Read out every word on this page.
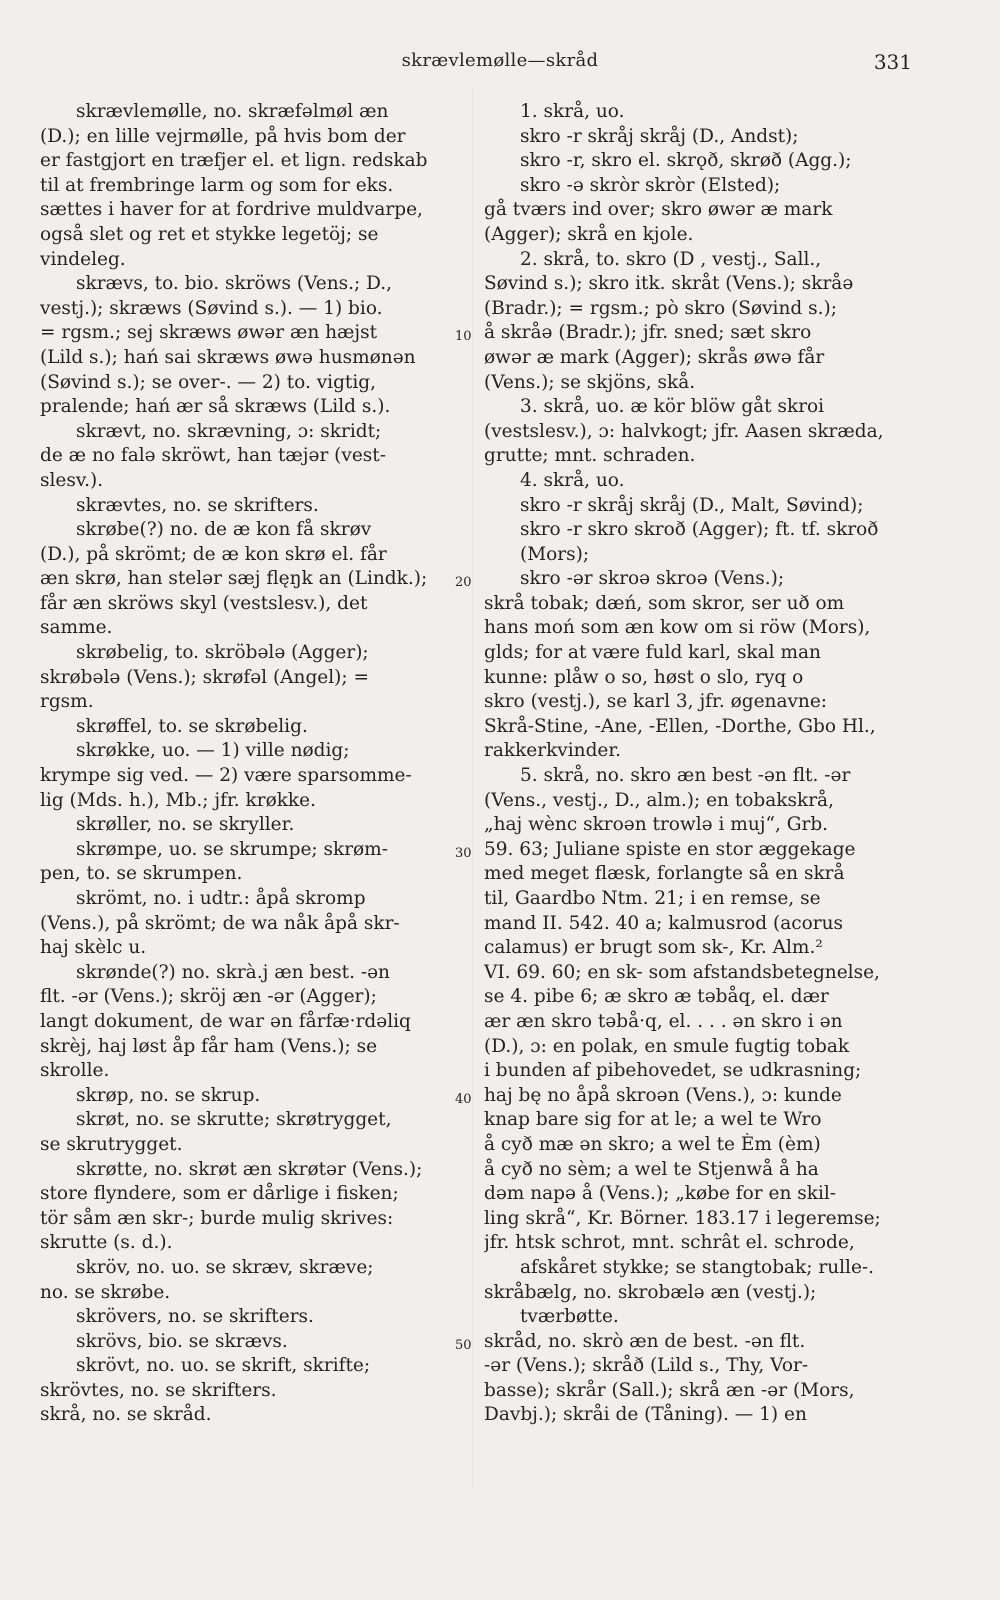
skrævlemølle—skråd	331
skrævlemølle, no. skræfəlmøl æn
(D.); en lille vejrmølle, på hvis bom der
er fastgjort en træfjer el. et lign. redskab
til at frembringe larm og som for eks.
sættes i haver for at fordrive muldvarpe,
også slet og ret et stykke legetöj; se
vindeleg.
skrævs, to. bio. skröws (Vens.; D.,
vestj.); skræws (Søvind s.). — 1) bio.
= rgsm.; sej skræws øwər æn hæjst
(Lild s.); hań sai skræws øwə husmønən
(Søvind s.); se over-. — 2) to. vigtig,
pralende; hań ær så skræws (Lild s.).
skrævt, no. skrævning, ɔ: skridt;
de æ no falə skröwt, han tæjər (vest-
slesv.).
skrævtes, no. se skrifters.
skrøbe(?) no. de æ kon få skrøv
(D.), på skrömt; de æ kon skrø el. får
æn skrø, han stelər sæj flęŋk an (Lindk.);
får æn skröws skyl (vestslesv.), det
samme.
skrøbelig, to. skröbələ (Agger);
skrøbələ (Vens.); skrøfəl (Angel); =
rgsm.
skrøffel, to. se skrøbelig.
skrøkke, uo. — 1) ville nødig;
krympe sig ved. — 2) være sparsomme-
lig (Mds. h.), Mb.; jfr. krøkke.
skrøller, no. se skryller.
skrømpe, uo. se skrumpe; skrøm-
pen, to. se skrumpen.
skrömt, no. i udtr.: åpå skromp
(Vens.), på skrömt; de wa nåk åpå skr-
haj skèlc u.
skrønde(?) no. skrà.j æn best. -ən
flt. -ər (Vens.); skröj æn -ər (Agger);
langt dokument, de war ən fårfæ·rdəliq
skrèj, haj løst åp får ham (Vens.); se
skrolle.
skrøp, no. se skrup.
skrøt, no. se skrutte; skrøtrygget,
se skrutrygget.
skrøtte, no. skrøt æn skrøtər (Vens.);
store flyndere, som er dårlige i fisken;
tör såm æn skr-; burde mulig skrives:
skrutte (s. d.).
skröv, no. uo. se skræv, skræve;
no. se skrøbe.
skrövers, no. se skrifters.
skrövs, bio. se skrævs.
skrövt, no. uo. se skrift, skrifte;
skrövtes, no. se skrifters.
skrå, no. se skråd.
10
20
30
40
50
1. skrå, uo.
skro -r skråj skråj (D., Andst);
skro -r, skro el. skrǫð, skrøð (Agg.);
skro -ə skròr skròr (Elsted);
gå tværs ind over; skro øwər æ mark
(Agger); skrå en kjole.
2. skrå, to. skro (D , vestj., Sall.,
Søvind s.); skro itk. skråt (Vens.); skråə
(Bradr.); = rgsm.; pò skro (Søvind s.);
å skråə (Bradr.); jfr. sned; sæt skro
øwər æ mark (Agger); skrås øwə får
(Vens.); se skjöns, skå.
3. skrå, uo. æ kör blöw gåt skroi
(vestslesv.), ɔ: halvkogt; jfr. Aasen skræda,
grutte; mnt. schraden.
4. skrå, uo.
skro -r skråj skråj (D., Malt, Søvind);
skro -r skro skroð (Agger); ft. tf. skroð
(Mors);
skro -ər skroə skroə (Vens.);
skrå tobak; dæń, som skror, ser uð om
hans moń som æn kow om si röw (Mors),
glds; for at være fuld karl, skal man
kunne: plåw o so, høst o slo, ryq o
skro (vestj.), se karl 3, jfr. øgenavne:
Skrå-Stine, -Ane, -Ellen, -Dorthe, Gbo Hl.,
rakkerkvinder.
5. skrå, no. skro æn best -ən flt. -ər
(Vens., vestj., D., alm.); en tobakskrå,
„haj wènc skroən trowlə i muj“, Grb.
59. 63; Juliane spiste en stor æggekage
med meget flæsk, forlangte så en skrå
til, Gaardbo Ntm. 21; i en remse, se
mand II. 542. 40 a; kalmusrod (acorus
calamus) er brugt som sk-, Kr. Alm.²
VI. 69. 60; en sk- som afstandsbetegnelse,
se 4. pibe 6; æ skro æ təbåq, el. dær
ær æn skro təbå·q, el. . . . ən skro i ən
(D.), ɔ: en polak, en smule fugtig tobak
i bunden af pibehovedet, se udkrasning;
haj bę no åpå skroən (Vens.), ɔ: kunde
knap bare sig for at le; a wel te Wro
å cyð mæ ən skro; a wel te Èm (èm)
å cyð no sèm; a wel te Stjenwå å ha
dəm napə å (Vens.); „købe for en skil-
ling skrå“, Kr. Börner. 183.17 i legeremse;
jfr. htsk schrot, mnt. schrât el. schrode,
afskåret stykke; se stangtobak; rulle-.
skråbælg, no. skrobælə æn (vestj.);
tværbøtte.
skråd, no. skrò æn de best. -ən flt.
-ər (Vens.); skråð (Lild s., Thy, Vor-
basse); skrår (Sall.); skrå æn -ər (Mors,
Davbj.); skråi de (Tåning). — 1) en
